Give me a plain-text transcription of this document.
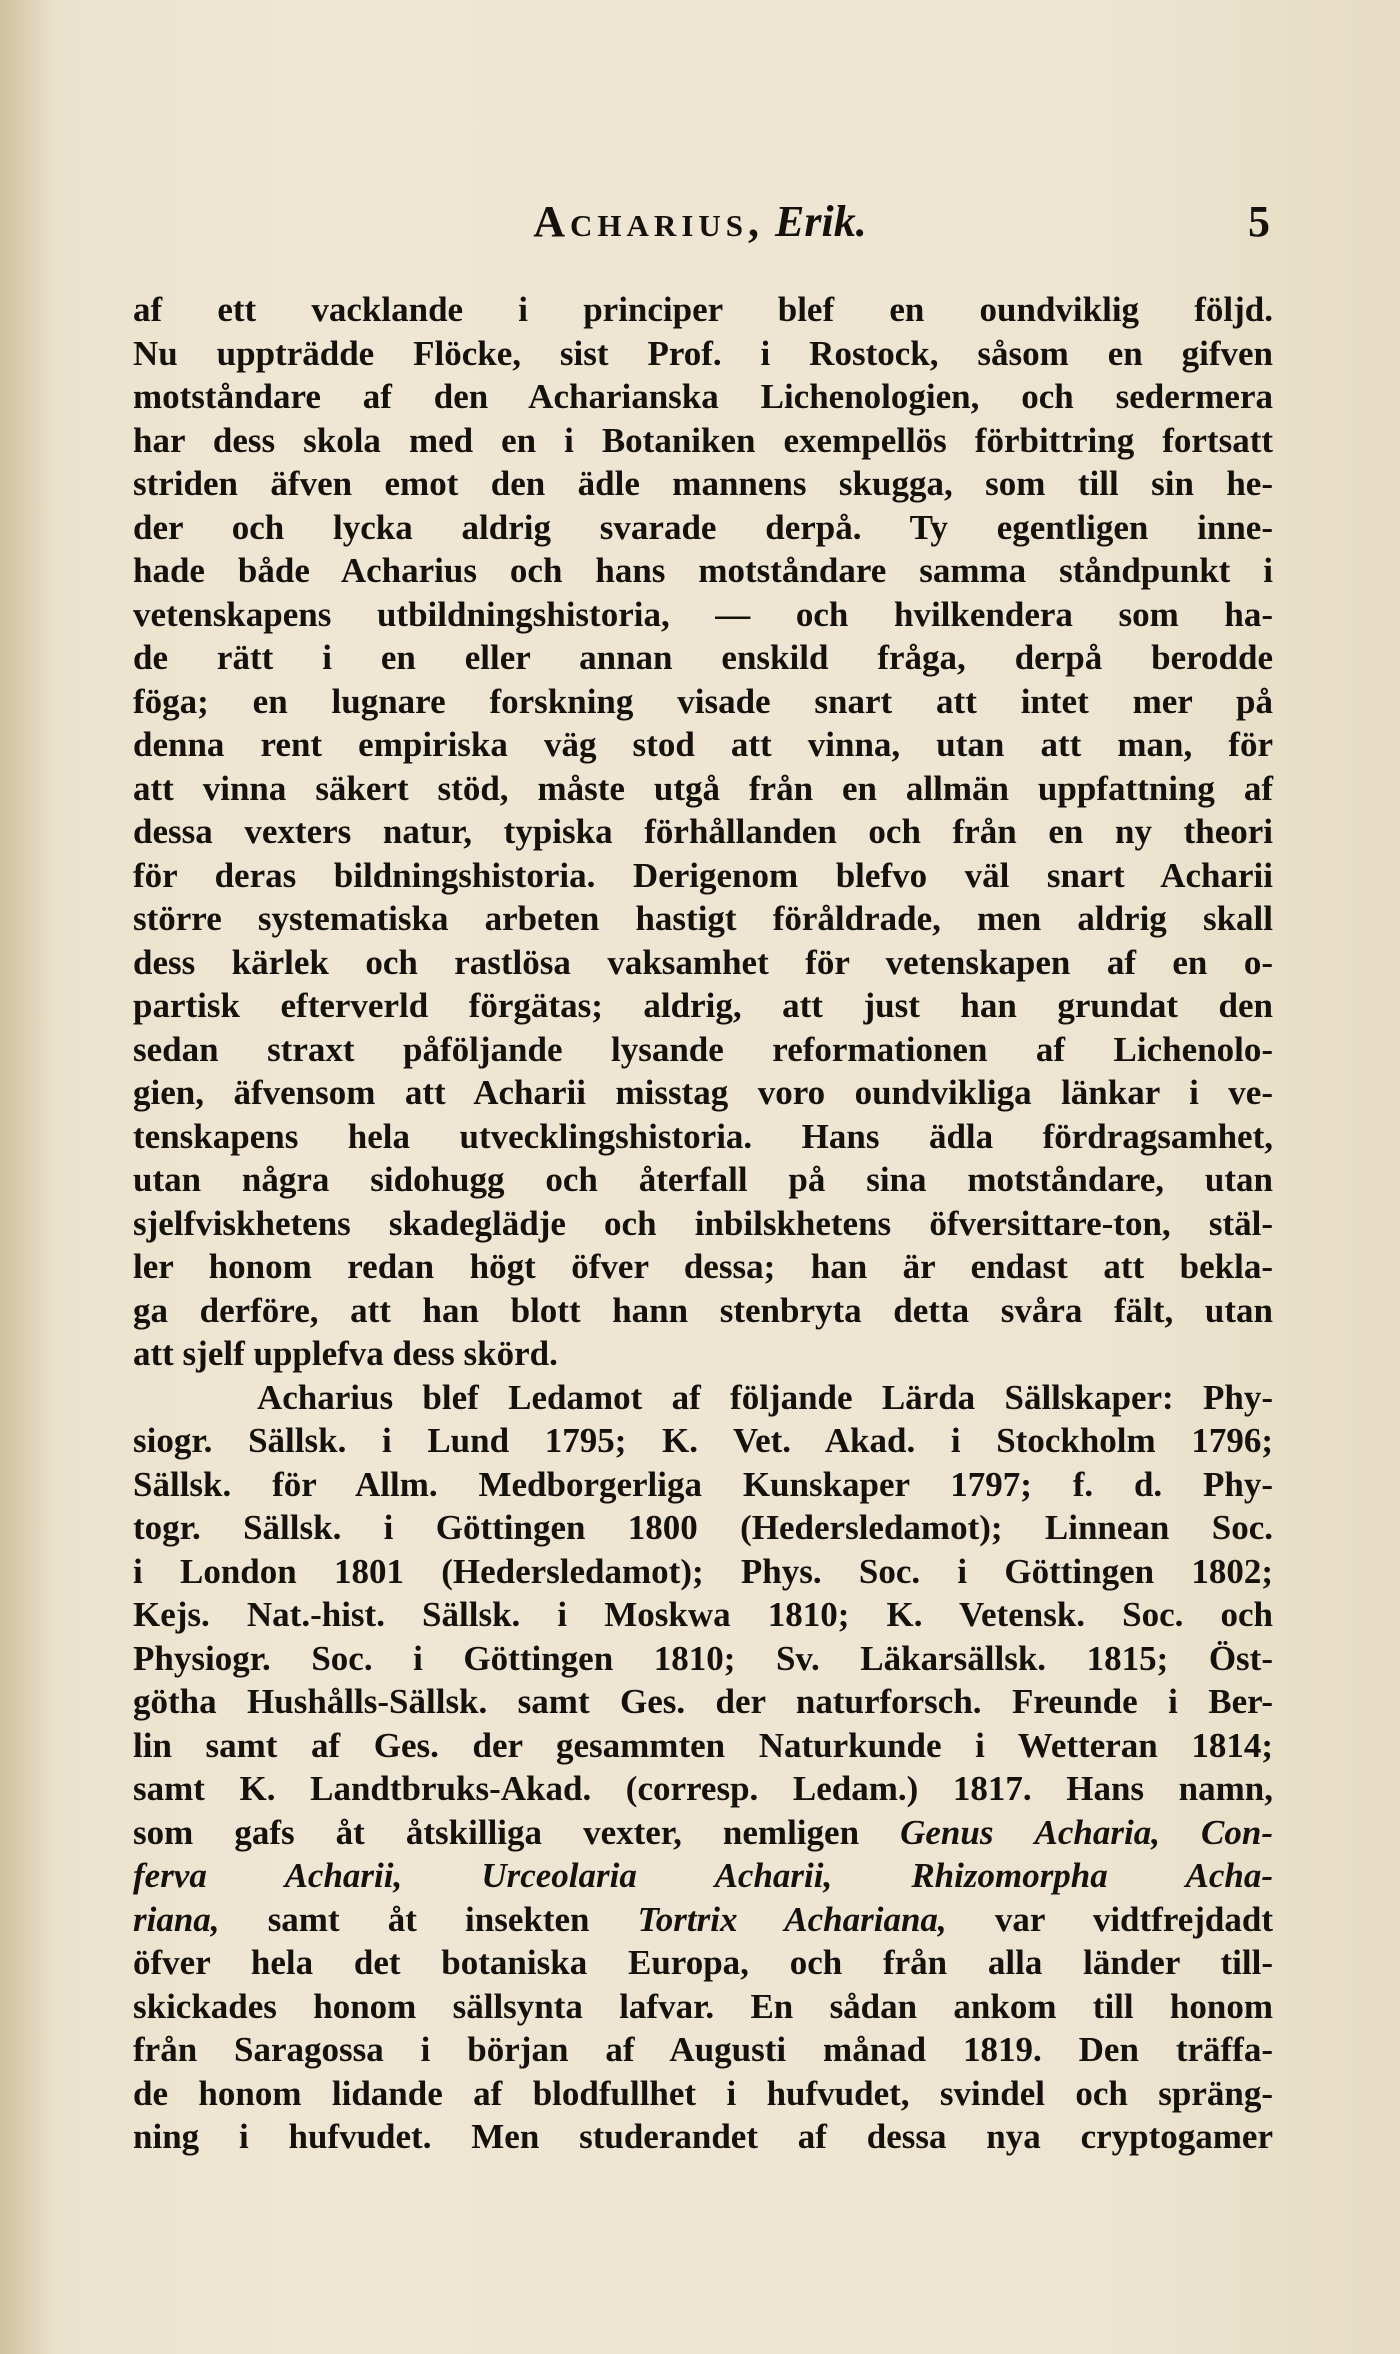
Acharius, Erik.	5
af ett vacklande i principer blef en oundviklig följd.
Nu uppträdde Flöcke, sist Prof. i Rostock, såsom en gifven
motståndare af den Acharianska Lichenologien, och sedermera
har dess skola med en i Botaniken exempellös förbittring fortsatt
striden äfven emot den ädle mannens skugga, som till sin he-
der och lycka aldrig svarade derpå. Ty egentligen inne-
hade både Acharius och hans motståndare samma ståndpunkt i
vetenskapens utbildningshistoria, — och hvilkendera som ha-
de rätt i en eller annan enskild fråga, derpå berodde
föga; en lugnare forskning visade snart att intet mer på
denna rent empiriska väg stod att vinna, utan att man, för
att vinna säkert stöd, måste utgå från en allmän uppfattning af
dessa vexters natur, typiska förhållanden och från en ny theori
för deras bildningshistoria. Derigenom blefvo väl snart Acharii
större systematiska arbeten hastigt föråldrade, men aldrig skall
dess kärlek och rastlösa vaksamhet för vetenskapen af en o-
partisk efterverld förgätas; aldrig, att just han grundat den
sedan straxt påföljande lysande reformationen af Lichenolo-
gien, äfvensom att Acharii misstag voro oundvikliga länkar i ve-
tenskapens hela utvecklingshistoria. Hans ädla fördragsamhet,
utan några sidohugg och återfall på sina motståndare, utan
sjelfviskhetens skadeglädje och inbilskhetens öfversittare-ton, stäl-
ler honom redan högt öfver dessa; han är endast att bekla-
ga derföre, att han blott hann stenbryta detta svåra fält, utan
att sjelf upplefva dess skörd.
Acharius blef Ledamot af följande Lärda Sällskaper: Phy-
siogr. Sällsk. i Lund 1795; K. Vet. Akad. i Stockholm 1796;
Sällsk. för Allm. Medborgerliga Kunskaper 1797; f. d. Phy-
togr. Sällsk. i Göttingen 1800 (Hedersledamot); Linnean Soc.
i London 1801 (Hedersledamot); Phys. Soc. i Göttingen 1802;
Kejs. Nat.-hist. Sällsk. i Moskwa 1810; K. Vetensk. Soc. och
Physiogr. Soc. i Göttingen 1810; Sv. Läkarsällsk. 1815; Öst-
götha Hushålls-Sällsk. samt Ges. der naturforsch. Freunde i Ber-
lin samt af Ges. der gesammten Naturkunde i Wetteran 1814;
samt K. Landtbruks-Akad. (corresp. Ledam.) 1817. Hans namn,
som gafs åt åtskilliga vexter, nemligen Genus Acharia, Con-
ferva Acharii, Urceolaria Acharii, Rhizomorpha Acha-
riana, samt åt insekten Tortrix Achariana, var vidtfrejdadt
öfver hela det botaniska Europa, och från alla länder till-
skickades honom sällsynta lafvar. En sådan ankom till honom
från Saragossa i början af Augusti månad 1819. Den träffa-
de honom lidande af blodfullhet i hufvudet, svindel och spräng-
ning i hufvudet. Men studerandet af dessa nya cryptogamer
